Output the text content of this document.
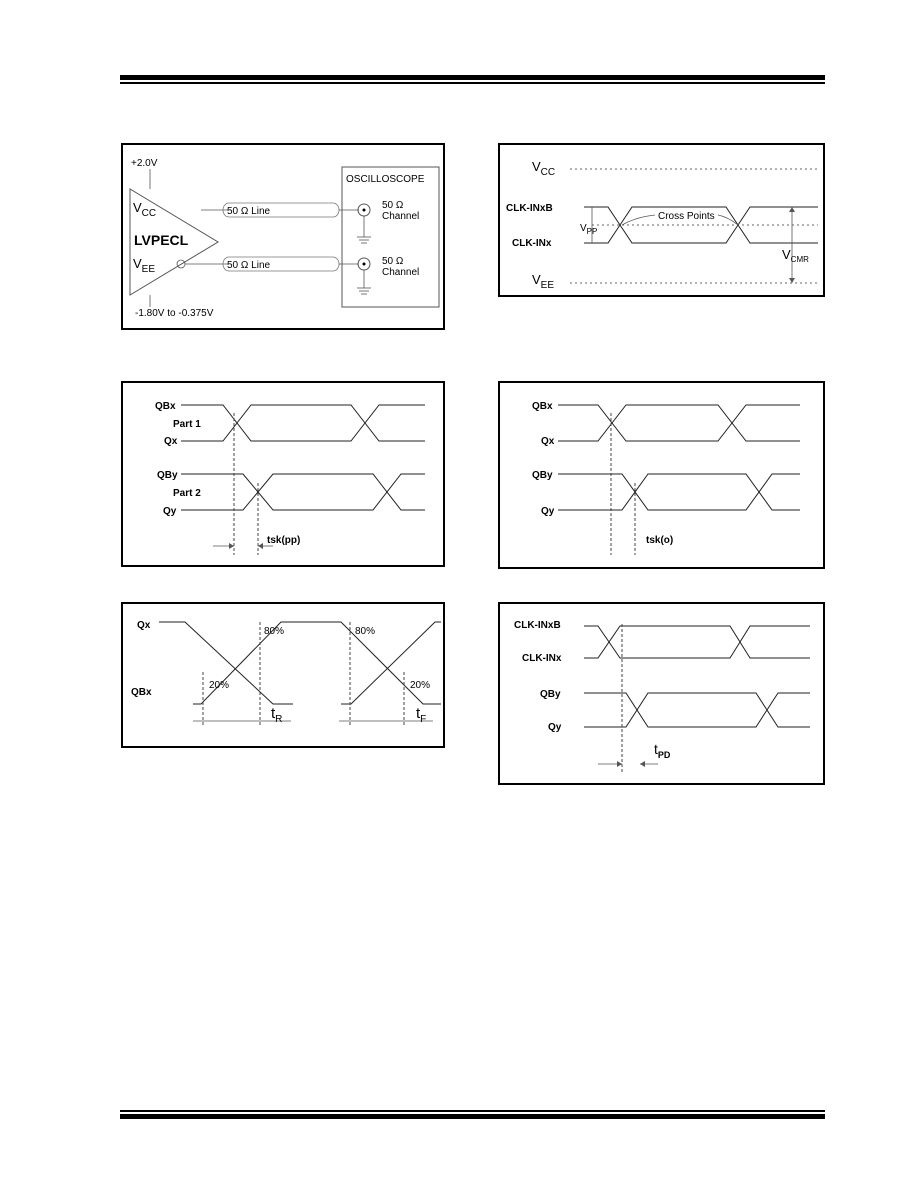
+2.0V
$V_{CC}$
LVPECL
$V_{EE}$
-1.80V to -0.375V
50 Ω Line
50 Ω Line
OSCILLOSCOPE
50 Ω
Channel
50 Ω
Channel
$V_{CC}$
CLK-INxB
CLK-INx
$V_{PP}$
Cross Points
$V_{CMR}$
$V_{EE}$
QBx
Part 1
Qx
QBy
Part 2
Qy
tsk(pp)
QBx
Qx
QBy
Qy
tsk(o)
Qx
QBx
80%	80%
20%	20%
$t_R$	$t_F$
CLK-INxB
CLK-INx
QBy
Qy
$t_{PD}$
